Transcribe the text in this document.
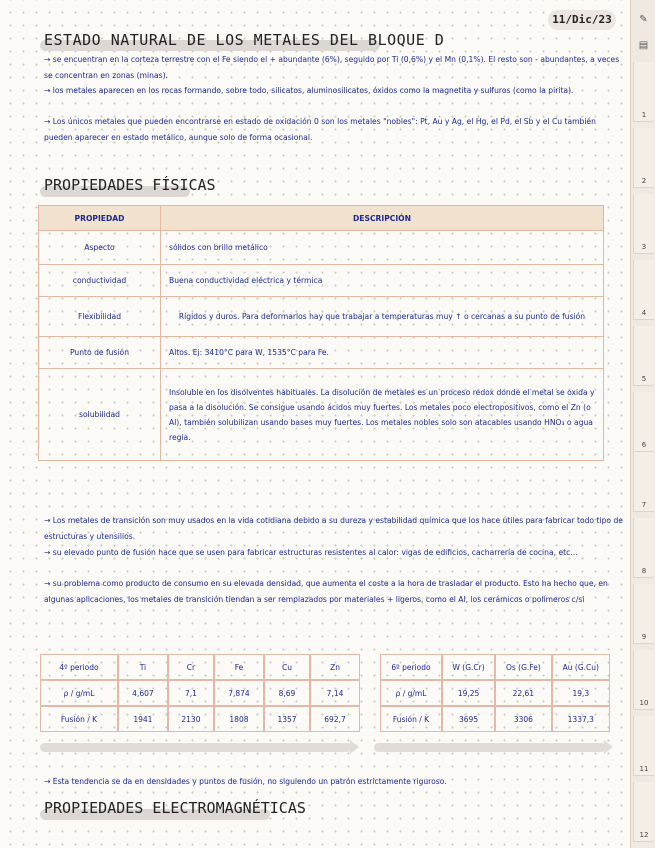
11/Dic/23
ESTADO NATURAL DE LOS METALES DEL BLOQUE D

→ se encuentran en la corteza terrestre con el Fe siendo el + abundante (6%), seguido por Ti (0,6%) y el Mn (0,1%). El resto son - abundantes, a veces se concentran en zonas (minas).

→ los metales aparecen en los rocas formando, sobre todo, silicatos, aluminosilicatos, óxidos como la magnetita y sulfuros (como la pirita).

→ Los únicos metales que pueden encontrarse en estado de oxidación 0 son los metales "nobles": Pt, Au y Ag, el Hg, el Pd, el Sb y el Cu también pueden aparecer en estado metálico, aunque solo de forma ocasional.

PROPIEDADES FÍSICAS
PROPIEDAD	DESCRIPCIÓN
Aspecto	sólidos con brillo metálico
conductividad	Buena conductividad eléctrica y térmica
Flexibilidad	Rígidos y duros. Para deformarlos hay que trabajar a temperaturas muy ↑ o cercanas a su punto de fusión
Punto de fusión	Altos. Ej: 3410°C para W, 1535°C para Fe.
solubilidad	Insoluble en los disolventes habituales. La disolución de metales es un proceso redox donde el metal se oxida y pasa a la disolución. Se consigue usando ácidos muy fuertes. Los metales poco electropositivos, como el Zn (o Al), también solubilizan usando bases muy fuertes. Los metales nobles solo son atacables usando HNO₃ o agua regia.

→ Los metales de transición son muy usados en la vida cotidiana debido a su dureza y estabilidad química que los hace útiles para fabricar todo tipo de estructuras y utensilios.

→ su elevado punto de fusión hace que se usen para fabricar estructuras resistentes al calor: vigas de edificios, cacharrería de cocina, etc...

→ su problema como producto de consumo en su elevada densidad, que aumenta el coste a la hora de trasladar el producto. Esto ha hecho que, en algunas aplicaciones, los metales de transición tiendan a ser remplazados por materiales + ligeros, como el Al, los cerámicos o polímeros c/si

4º periodo	Ti	Cr	Fe	Cu	Zn
ρ / g/mL	4,607	7,1	7,874	8,69	7,14
Fusión / K	1941	2130	1808	1357	692,7
6º periodo	W (G.Cr)	Os (G.Fe)	Au (G.Cu)
ρ / g/mL	19,25	22,61	19,3
Fusión / K	3695	3306	1337,3

→ Esta tendencia se da en densidades y puntos de fusión, no siguiendo un patrón estrictamente riguroso.

PROPIEDADES ELECTROMAGNÉTICAS
✎
▤
1
2
3
4
5
6
7
8
9
10
11
12
